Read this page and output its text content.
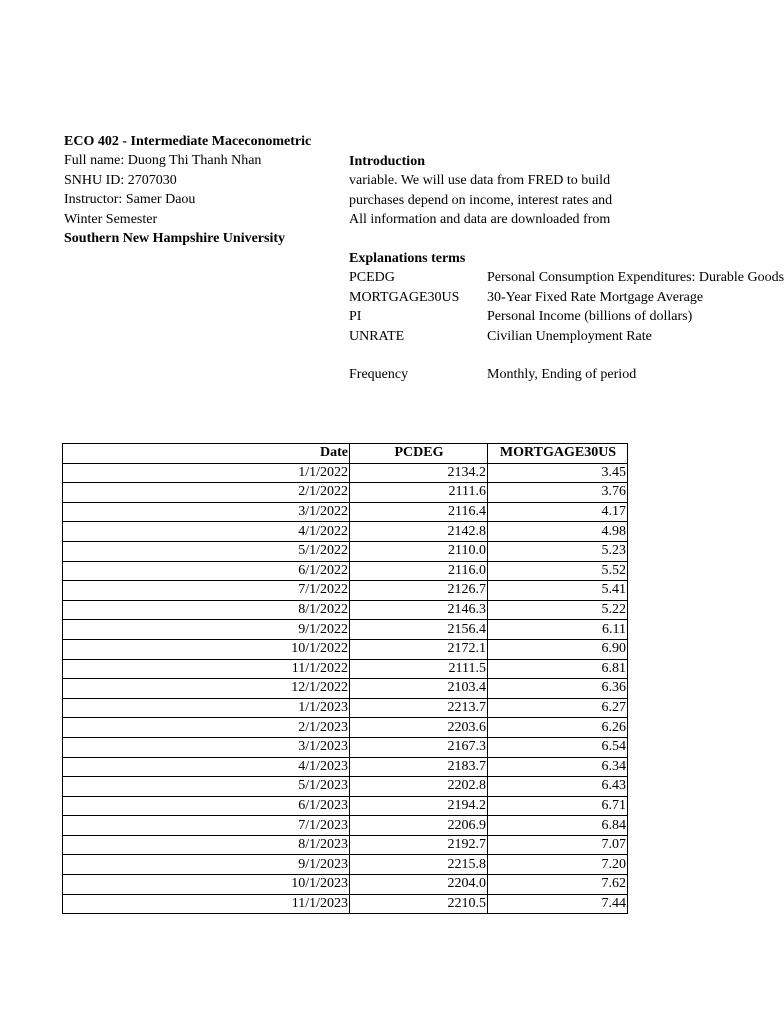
ECO 402 - Intermediate Maceconometric
Full name: Duong Thi Thanh Nhan
SNHU ID: 2707030
Instructor: Samer Daou
Winter Semester
Southern New Hampshire University
Introduction
variable. We will use data from FRED to build
purchases depend on income, interest rates and
All information and data are downloaded from
Explanations terms
PCEDG	Personal Consumption Expenditures: Durable Goods
MORTGAGE30US	30-Year Fixed Rate Mortgage Average
PI	Personal Income (billions of dollars)
UNRATE	Civilian Unemployment Rate
Frequency	Monthly, Ending of period
Date	PCDEG	MORTGAGE30US
1/1/2022	2134.2	3.45
2/1/2022	2111.6	3.76
3/1/2022	2116.4	4.17
4/1/2022	2142.8	4.98
5/1/2022	2110.0	5.23
6/1/2022	2116.0	5.52
7/1/2022	2126.7	5.41
8/1/2022	2146.3	5.22
9/1/2022	2156.4	6.11
10/1/2022	2172.1	6.90
11/1/2022	2111.5	6.81
12/1/2022	2103.4	6.36
1/1/2023	2213.7	6.27
2/1/2023	2203.6	6.26
3/1/2023	2167.3	6.54
4/1/2023	2183.7	6.34
5/1/2023	2202.8	6.43
6/1/2023	2194.2	6.71
7/1/2023	2206.9	6.84
8/1/2023	2192.7	7.07
9/1/2023	2215.8	7.20
10/1/2023	2204.0	7.62
11/1/2023	2210.5	7.44
